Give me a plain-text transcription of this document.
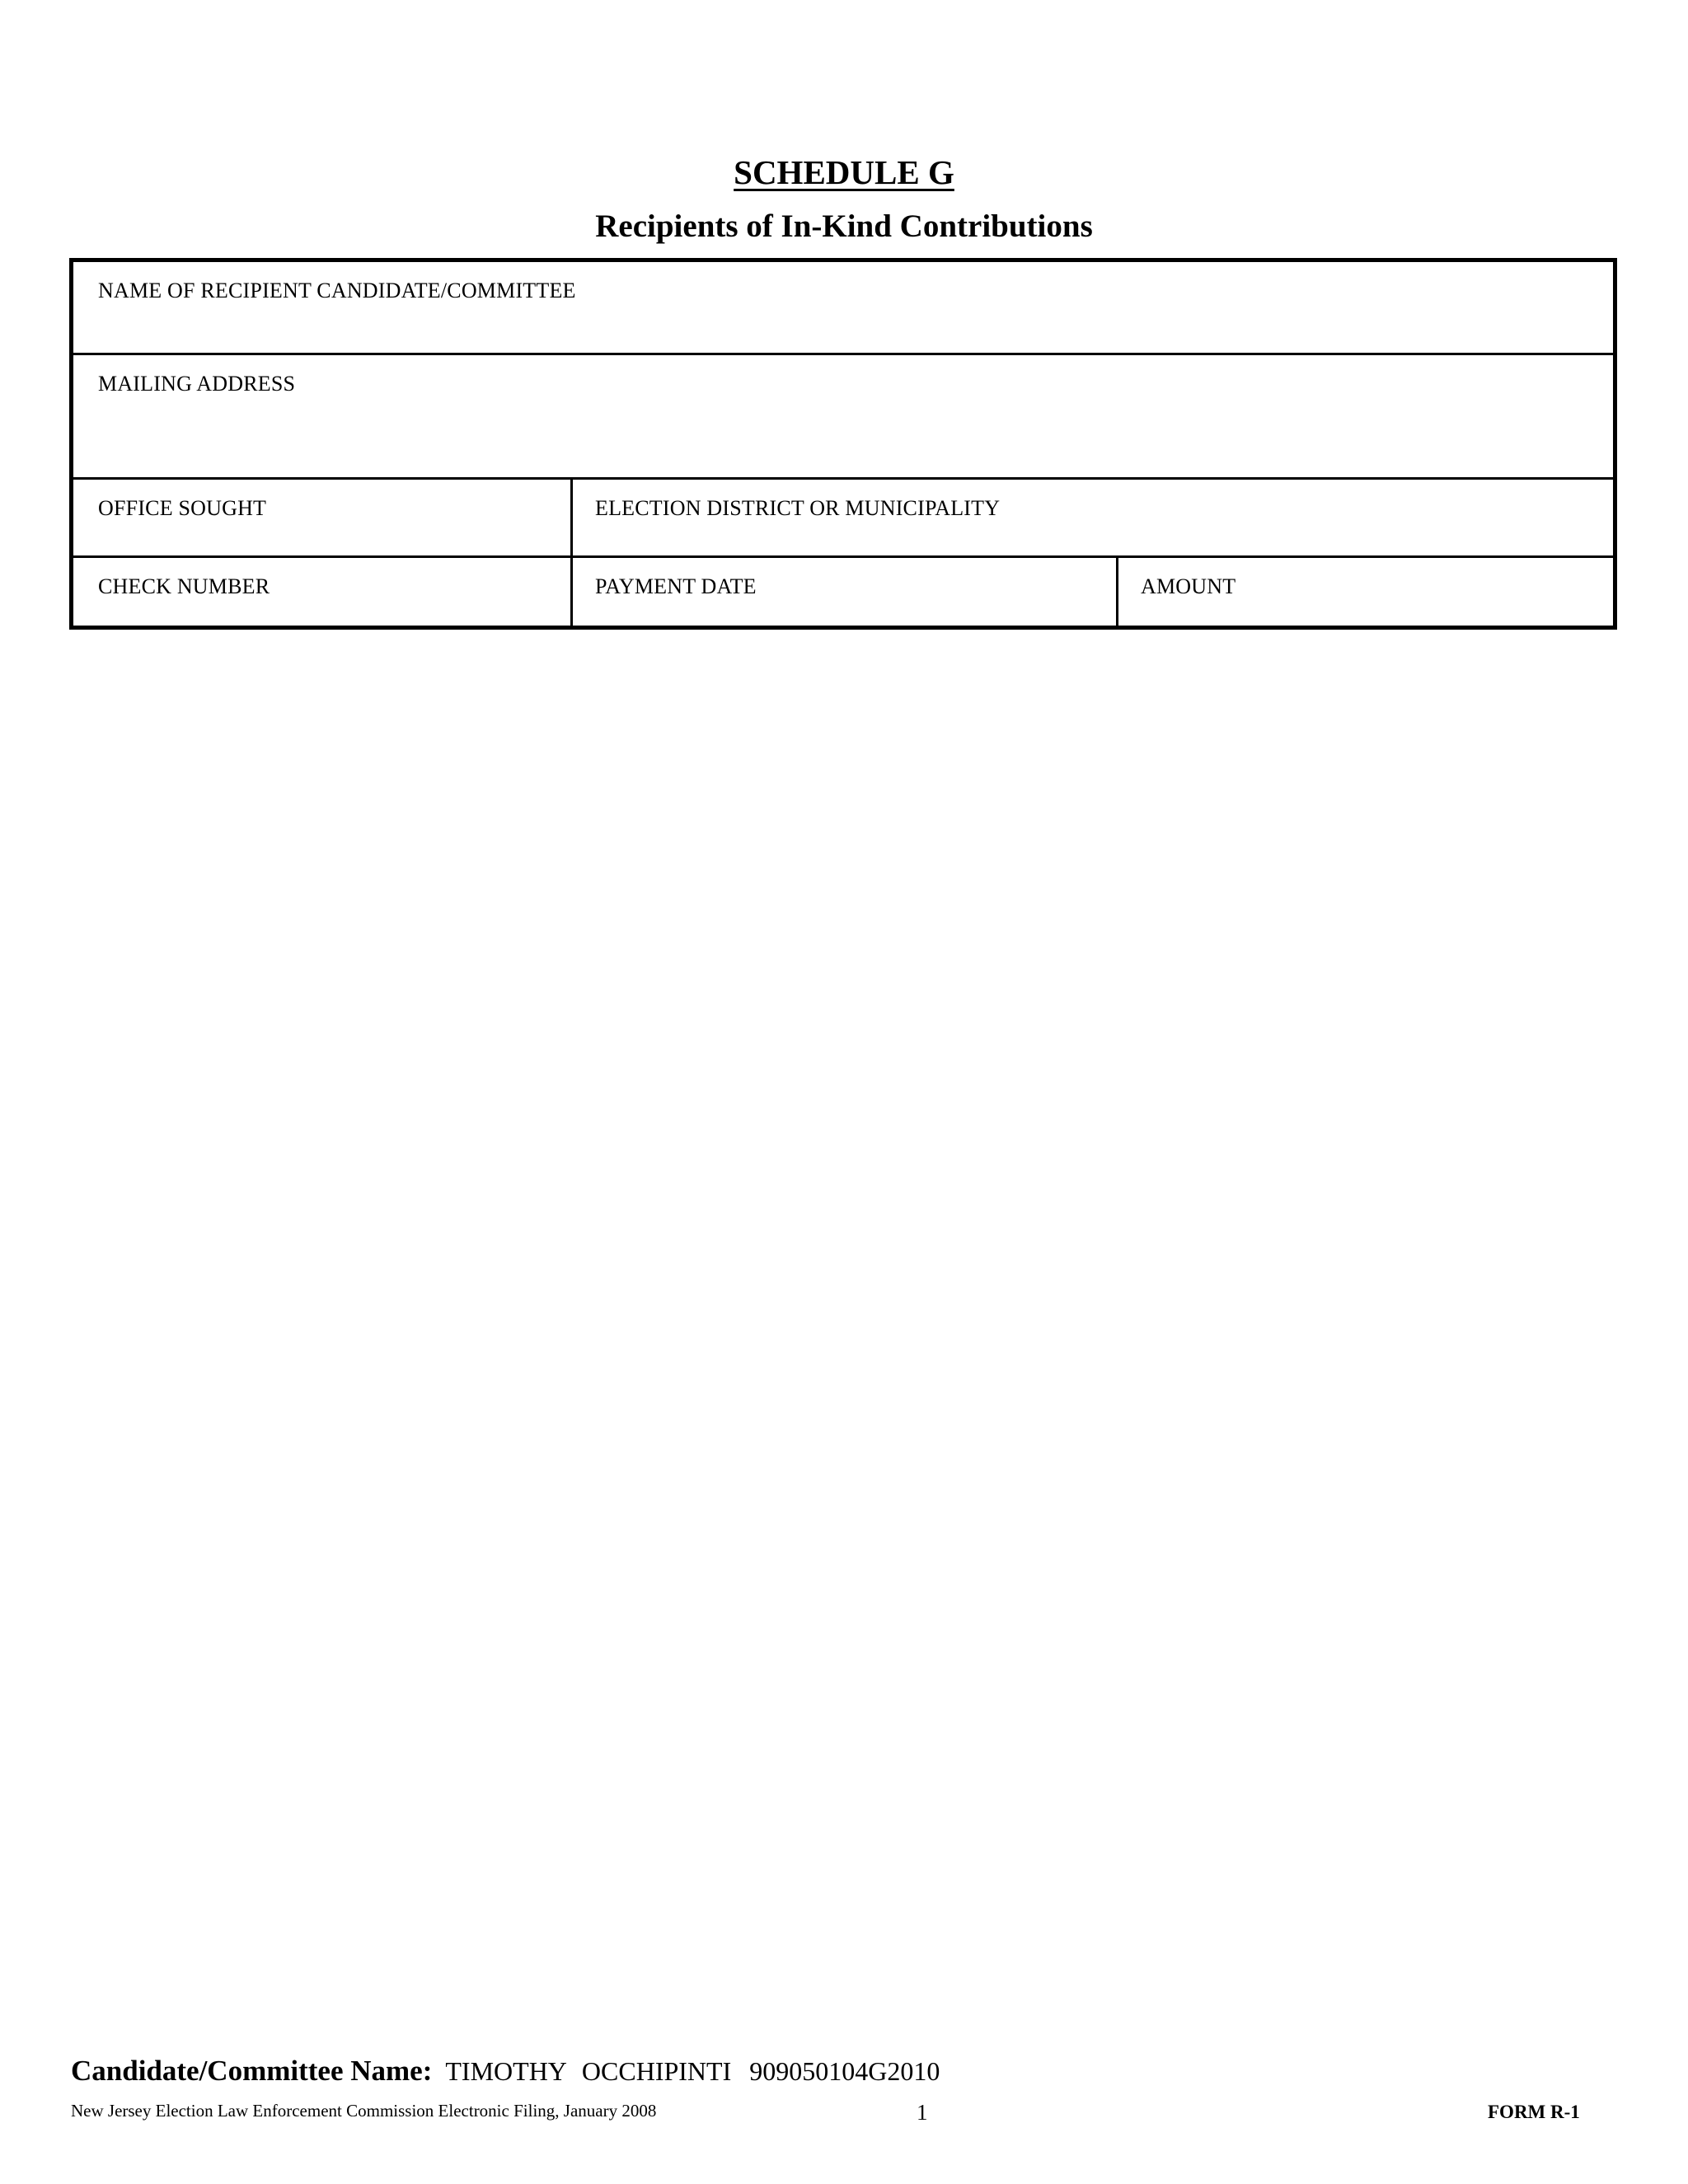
SCHEDULE G
Recipients of In-Kind Contributions
NAME OF RECIPIENT CANDIDATE/COMMITTEE
MAILING ADDRESS
OFFICE SOUGHT	ELECTION DISTRICT OR MUNICIPALITY
CHECK NUMBER	PAYMENT DATE	AMOUNT
Candidate/Committee Name: TIMOTHY OCCHIPINTI 909050104G2010
New Jersey Election Law Enforcement Commission Electronic Filing, January 2008	1	FORM R-1
